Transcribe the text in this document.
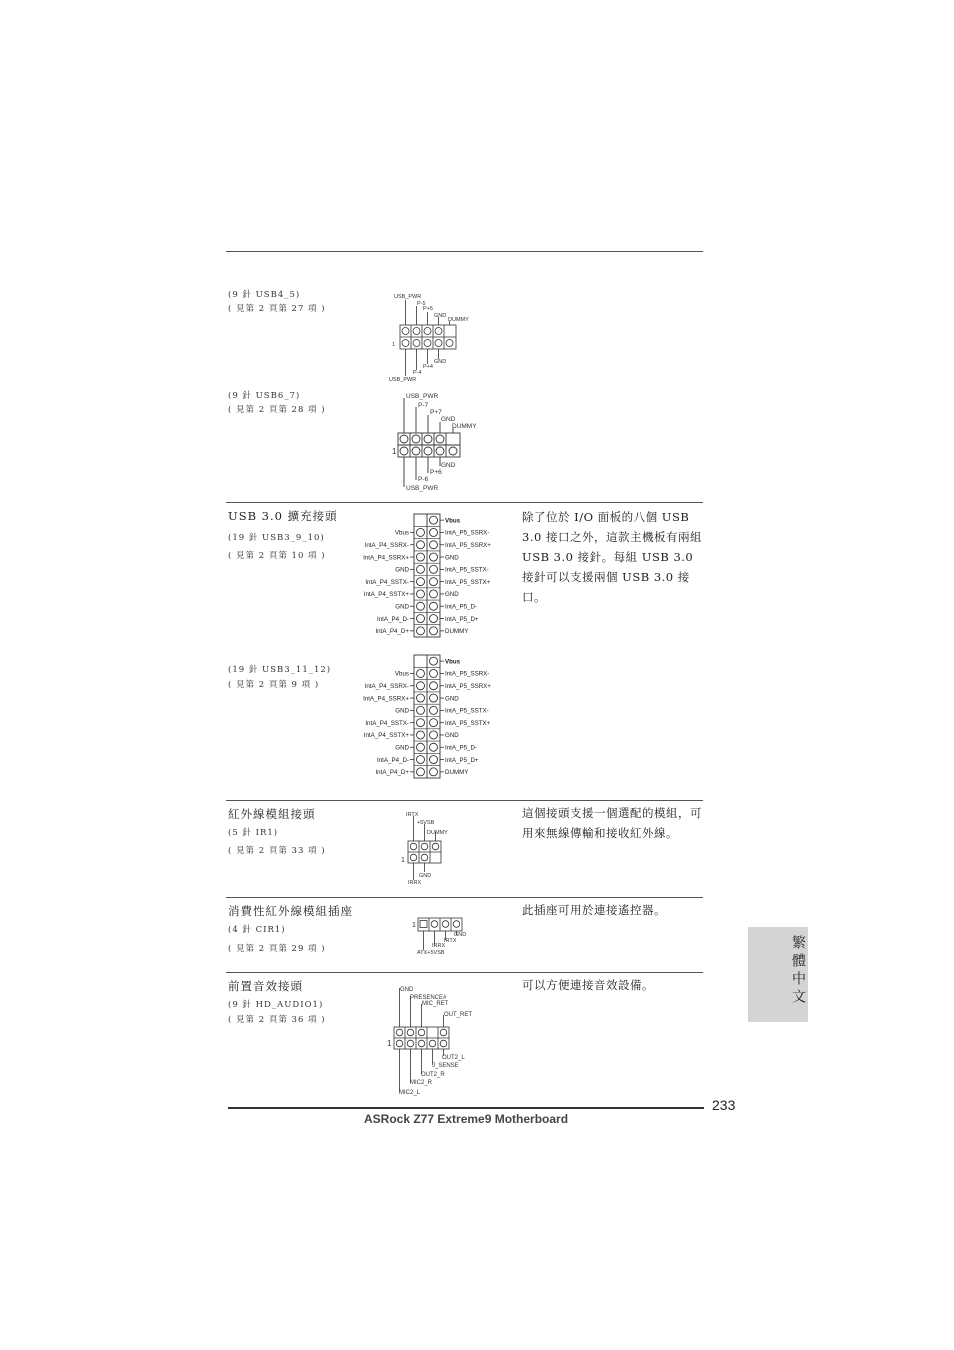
(9 針 USB4_5)
( 見第 2 頁第 27 項 )
USB_PWR
P-5
P+5
GND
DUMMY
1
GND
P+4
P-4
USB_PWR
(9 針 USB6_7)
( 見第 2 頁第 28 項 )
USB_PWR
P-7
P+7
GND
DUMMY
1
GND
P+6
P-6
USB_PWR
USB 3.0 擴充接頭
(19 針 USB3_9_10)
( 見第 2 頁第 10 項 )
除了位於 I/O 面板的八個 USB 3.0 接口之外，這款主機板有兩組 USB 3.0 接針。每組 USB 3.0 接針可以支援兩個 USB 3.0 接口。
Vbus
IntA_P5_SSRX-
Vbus
IntA_P5_SSRX+
IntA_P4_SSRX-
GND
IntA_P4_SSRX+
IntA_P5_SSTX-
GND
IntA_P5_SSTX+
IntA_P4_SSTX-
GND
IntA_P4_SSTX+
IntA_P5_D-
GND
IntA_P5_D+
IntA_P4_D-
DUMMY
IntA_P4_D+
(19 針 USB3_11_12)
( 見第 2 頁第 9 項 )
Vbus
IntA_P5_SSRX-
Vbus
IntA_P5_SSRX+
IntA_P4_SSRX-
GND
IntA_P4_SSRX+
IntA_P5_SSTX-
GND
IntA_P5_SSTX+
IntA_P4_SSTX-
GND
IntA_P4_SSTX+
IntA_P5_D-
GND
IntA_P5_D+
IntA_P4_D-
DUMMY
IntA_P4_D+
紅外線模組接頭
(5 針 IR1)
( 見第 2 頁第 33 項 )
這個接頭支援一個選配的模組，可用來無線傳輸和接收紅外線。
IRTX
+5VSB
DUMMY
1
GND
IRRX
消費性紅外線模組插座
(4 針 CIR1)
( 見第 2 頁第 29 項 )
此插座可用於連接遙控器。
1
GND
IRTX
IRRX
ATX+5VSB
前置音效接頭
(9 針 HD_AUDIO1)
( 見第 2 頁第 36 項 )
可以方便連接音效設備。
GND
PRESENCE#
MIC_RET
OUT_RET
1
OUT2_L
J_SENSE
OUT2_R
MIC2_R
MIC2_L
繁體中文
233
ASRock Z77 Extreme9 Motherboard
